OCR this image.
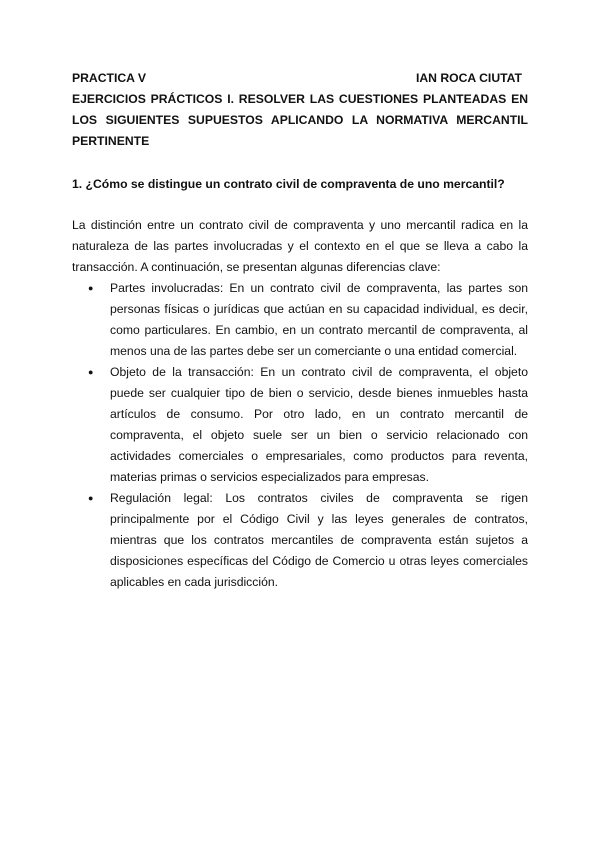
PRACTICA V	IAN ROCA CIUTAT

EJERCICIOS PRÁCTICOS I. RESOLVER LAS CUESTIONES PLANTEADAS EN LOS SIGUIENTES SUPUESTOS APLICANDO LA NORMATIVA MERCANTIL PERTINENTE

1. ¿Cómo se distingue un contrato civil de compraventa de uno mercantil?

La distinción entre un contrato civil de compraventa y uno mercantil radica en la naturaleza de las partes involucradas y el contexto en el que se lleva a cabo la transacción. A continuación, se presentan algunas diferencias clave:

● Partes involucradas: En un contrato civil de compraventa, las partes son personas físicas o jurídicas que actúan en su capacidad individual, es decir, como particulares. En cambio, en un contrato mercantil de compraventa, al menos una de las partes debe ser un comerciante o una entidad comercial.
● Objeto de la transacción: En un contrato civil de compraventa, el objeto puede ser cualquier tipo de bien o servicio, desde bienes inmuebles hasta artículos de consumo. Por otro lado, en un contrato mercantil de compraventa, el objeto suele ser un bien o servicio relacionado con actividades comerciales o empresariales, como productos para reventa, materias primas o servicios especializados para empresas.
● Regulación legal: Los contratos civiles de compraventa se rigen principalmente por el Código Civil y las leyes generales de contratos, mientras que los contratos mercantiles de compraventa están sujetos a disposiciones específicas del Código de Comercio u otras leyes comerciales aplicables en cada jurisdicción.
